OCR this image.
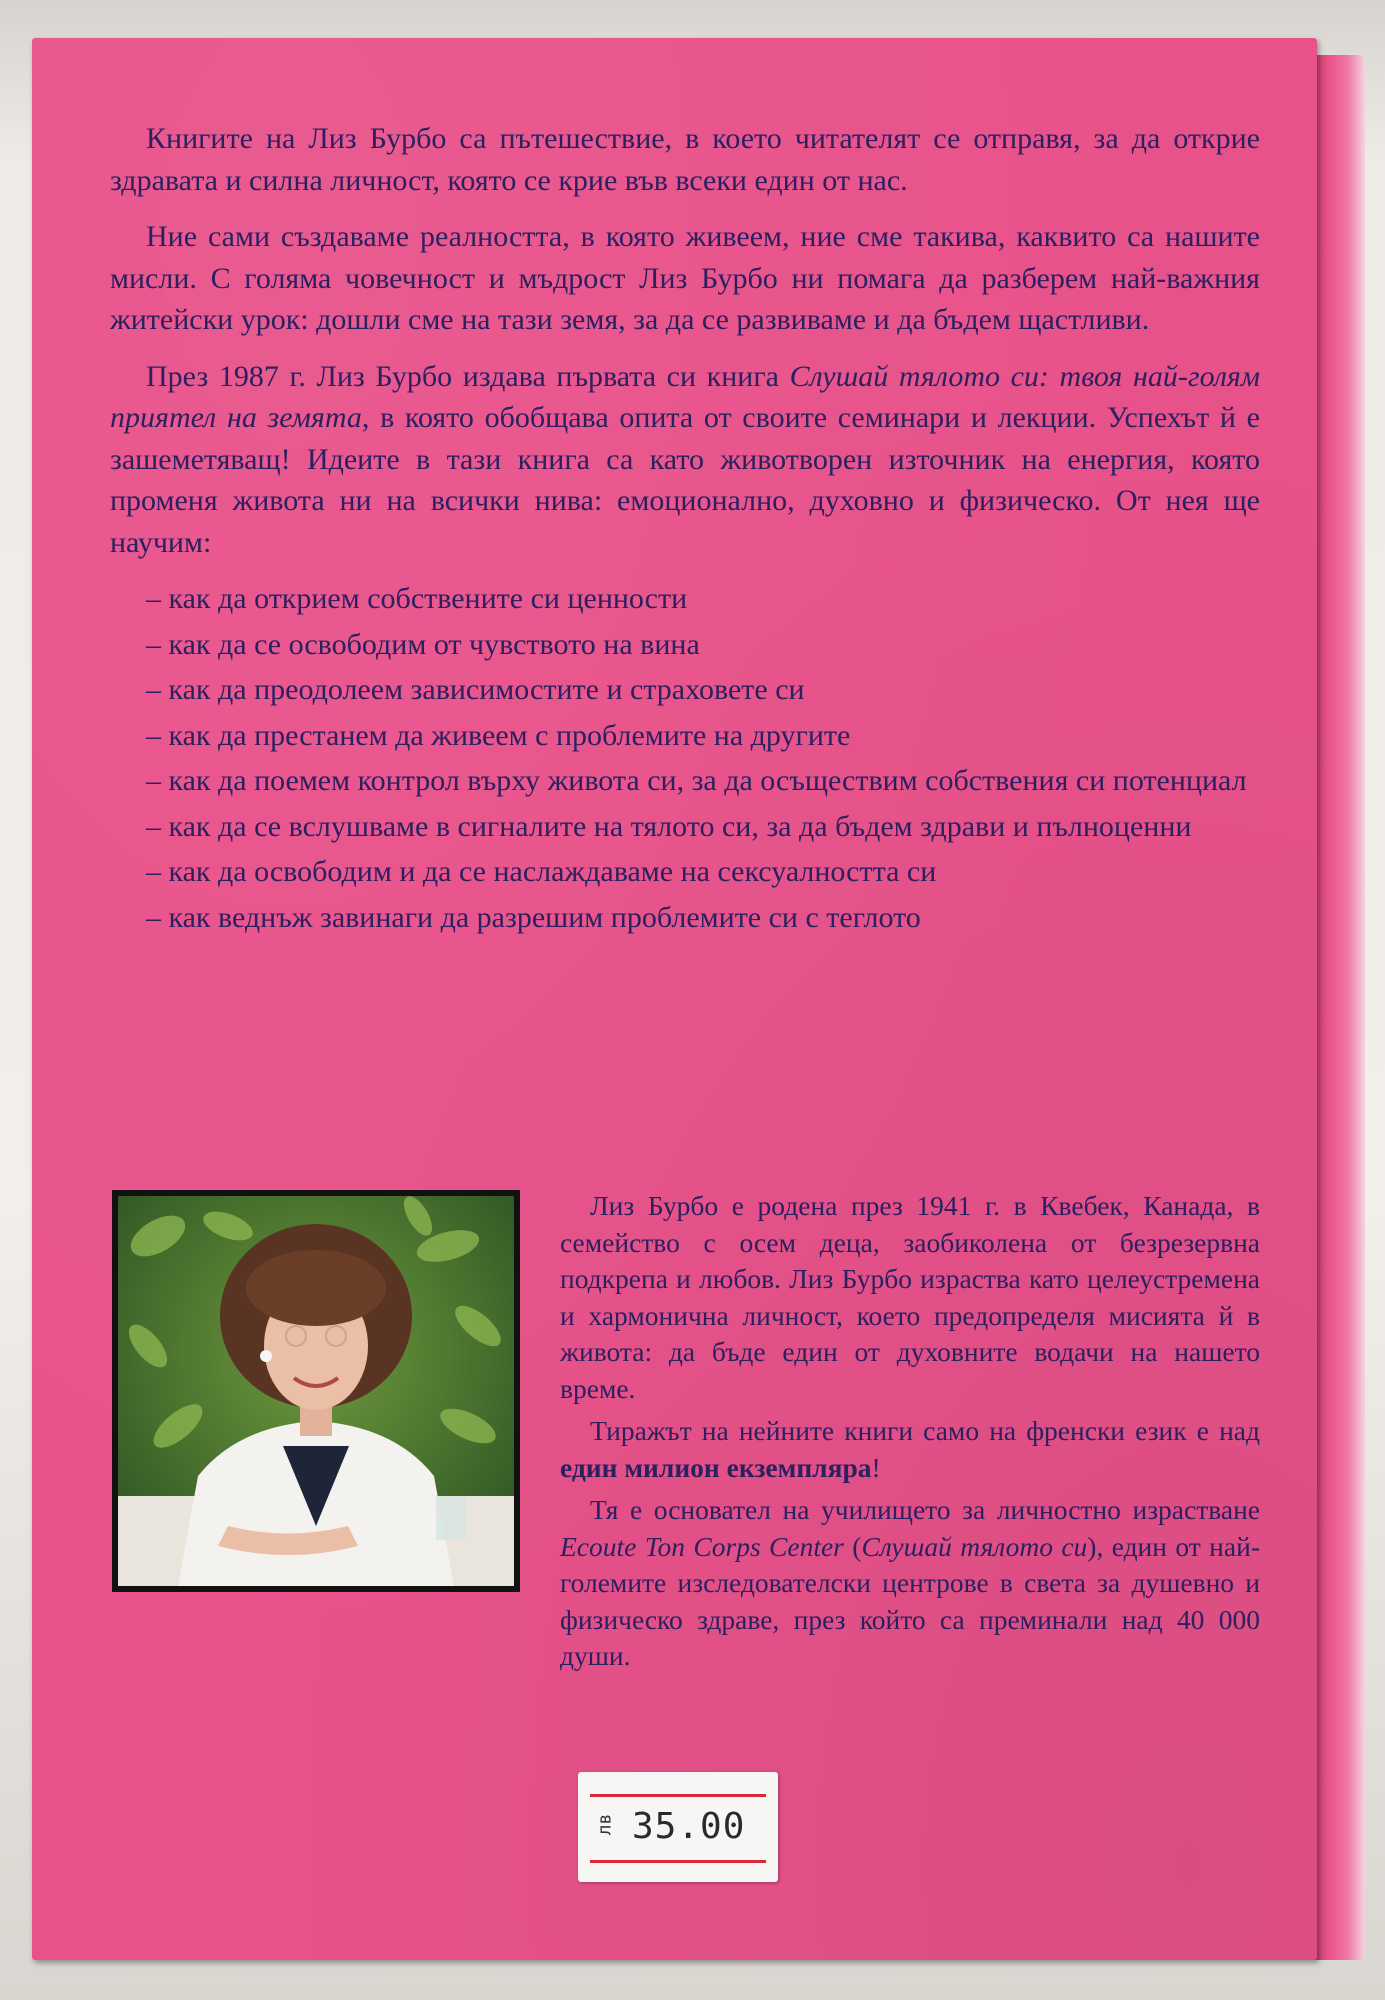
Книгите на Лиз Бурбо са пътешествие, в което читателят се отправя, за да открие здравата и силна личност, която се крие във всеки един от нас.

Ние сами създаваме реалността, в която живеем, ние сме такива, каквито са нашите мисли. С голяма човечност и мъдрост Лиз Бурбо ни помага да разберем най-важния житейски урок: дошли сме на тази земя, за да се развиваме и да бъдем щастливи.

През 1987 г. Лиз Бурбо издава първата си книга Слушай тялото си: твоя най-голям приятел на земята, в която обобщава опита от своите семинари и лекции. Успехът й е зашеметяващ! Идеите в тази книга са като животворен източник на енергия, която променя живота ни на всички нива: емоционално, духовно и физическо. От нея ще научим:

– как да открием собствените си ценности
– как да се освободим от чувството на вина
– как да преодолеем зависимостите и страховете си
– как да престанем да живеем с проблемите на другите
– как да поемем контрол върху живота си, за да осъществим собствения си потенциал
– как да се вслушваме в сигналите на тялото си, за да бъдем здрави и пълноценни
– как да освободим и да се наслаждаваме на сексуалността си
– как веднъж завинаги да разрешим проблемите си с теглото

Лиз Бурбо е родена през 1941 г. в Квебек, Канада, в семейство с осем деца, заобиколена от безрезервна подкрепа и любов. Лиз Бурбо израства като целеустремена и хармонична личност, което предопределя мисията й в живота: да бъде един от духовните водачи на нашето време.

Тиражът на нейните книги само на френски език е над един милион екземпляра!

Тя е основател на училището за личностно израстване Ecoute Ton Corps Center (Слушай тялото си), един от най-големите изследователски центрове в света за душевно и физическо здраве, през който са преминали над 40 000 души.

лв 35.00
